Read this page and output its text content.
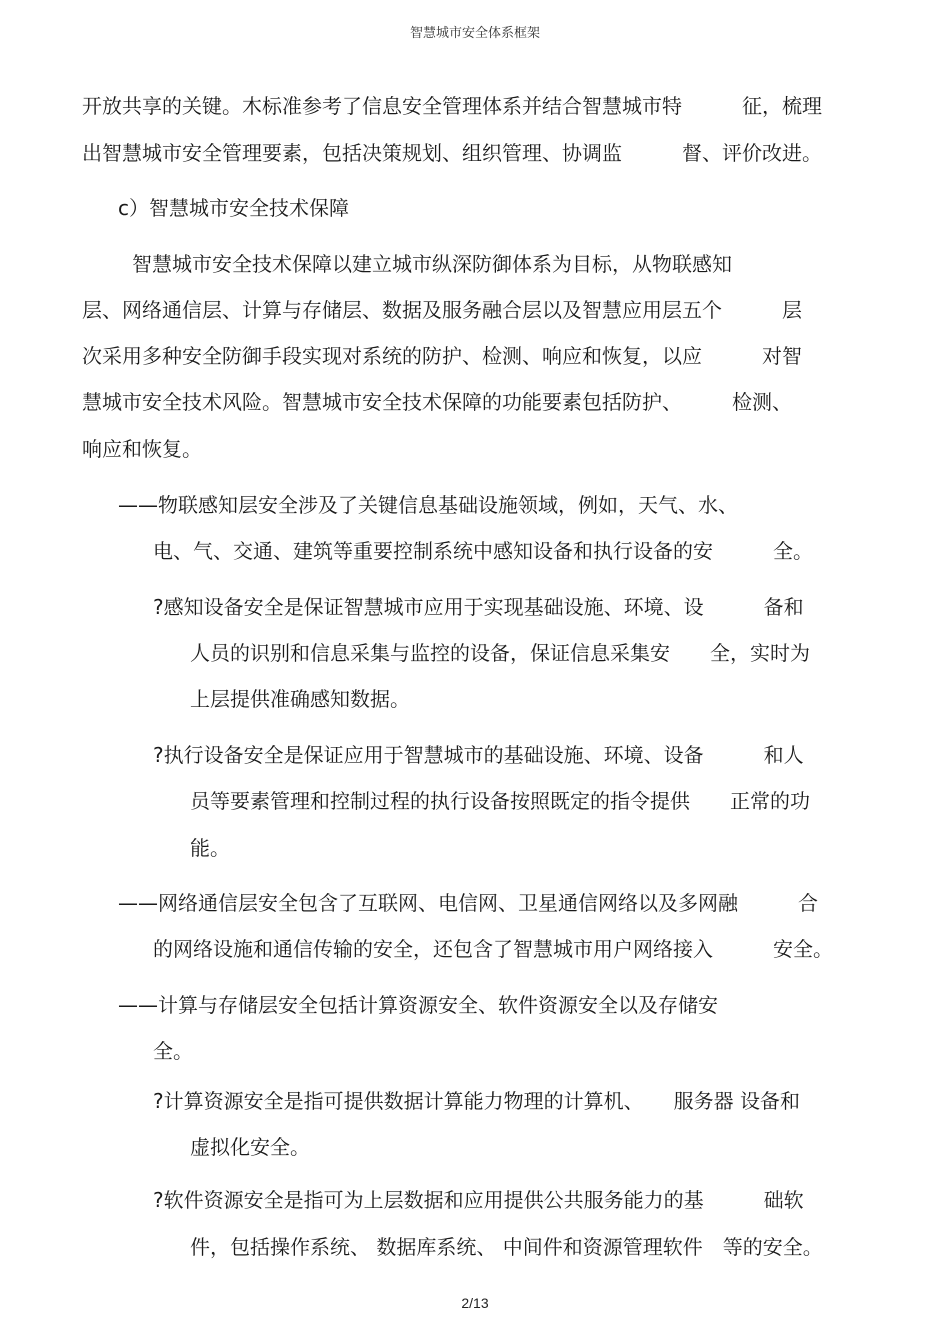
智慧城市安全体系框架
开放共享的关键。木标准参考了信息安全管理体系并结合智慧城市特　　　征，梳理
出智慧城市安全管理要素，包括决策规划、组织管理、协调监　　　督、评价改进。
c）智慧城市安全技术保障
智慧城市安全技术保障以建立城市纵深防御体系为目标，从物联感知
层、网络通信层、计算与存储层、数据及服务融合层以及智慧应用层五个　　　层
次采用多种安全防御手段实现对系统的防护、检测、响应和恢复，以应　　　对智
慧城市安全技术风险。智慧城市安全技术保障的功能要素包括防护、　　　检测、
响应和恢复。
——物联感知层安全涉及了关键信息基础设施领域，例如，天气、水、
电、气、交通、建筑等重要控制系统中感知设备和执行设备的安　　　全。
?感知设备安全是保证智慧城市应用于实现基础设施、环境、设　　　备和
人员的识别和信息采集与监控的设备，保证信息采集安　　全，实时为
上层提供准确感知数据。
?执行设备安全是保证应用于智慧城市的基础设施、环境、设备　　　和人
员等要素管理和控制过程的执行设备按照既定的指令提供　　正常的功
能。
——网络通信层安全包含了互联网、电信网、卫星通信网络以及多网融　　　合
的网络设施和通信传输的安全，还包含了智慧城市用户网络接入　　　安全。
——计算与存储层安全包括计算资源安全、软件资源安全以及存储安
全。
?计算资源安全是指可提供数据计算能力物理的计算机、　　服务器 设备和
虚拟化安全。
?软件资源安全是指可为上层数据和应用提供公共服务能力的基　　　础软
件，包括操作系统、 数据库系统、 中间件和资源管理软件　等的安全。
2/13
